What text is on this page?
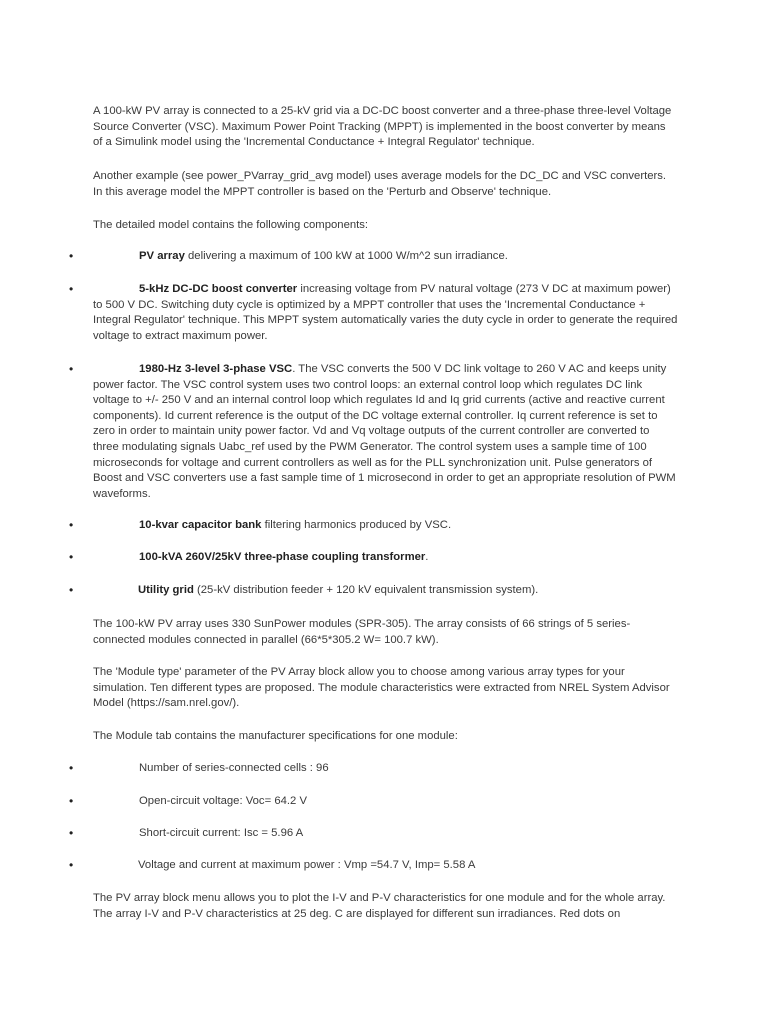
A 100-kW PV array is connected to a 25-kV grid via a DC-DC boost converter and a three-phase three-level Voltage Source Converter (VSC). Maximum Power Point Tracking (MPPT) is implemented in the boost converter by means of a Simulink model using the 'Incremental Conductance + Integral Regulator' technique.

Another example (see power_PVarray_grid_avg model) uses average models for the DC_DC and VSC converters. In this average model the MPPT controller is based on the 'Perturb and Observe' technique.

The detailed model contains the following components:

•	PV array delivering a maximum of 100 kW at 1000 W/m^2 sun irradiance.

•	5-kHz DC-DC boost converter increasing voltage from PV natural voltage (273 V DC at maximum power) to 500 V DC. Switching duty cycle is optimized by a MPPT controller that uses the 'Incremental Conductance + Integral Regulator' technique. This MPPT system automatically varies the duty cycle in order to generate the required voltage to extract maximum power.

•	1980-Hz 3-level 3-phase VSC. The VSC converts the 500 V DC link voltage to 260 V AC and keeps unity power factor. The VSC control system uses two control loops: an external control loop which regulates DC link voltage to +/- 250 V and an internal control loop which regulates Id and Iq grid currents (active and reactive current components). Id current reference is the output of the DC voltage external controller. Iq current reference is set to zero in order to maintain unity power factor. Vd and Vq voltage outputs of the current controller are converted to three modulating signals Uabc_ref used by the PWM Generator. The control system uses a sample time of 100 microseconds for voltage and current controllers as well as for the PLL synchronization unit. Pulse generators of Boost and VSC converters use a fast sample time of 1 microsecond in order to get an appropriate resolution of PWM waveforms.

•	10-kvar capacitor bank filtering harmonics produced by VSC.

•	100-kVA 260V/25kV three-phase coupling transformer.

•	Utility grid (25-kV distribution feeder + 120 kV equivalent transmission system).

The 100-kW PV array uses 330 SunPower modules (SPR-305). The array consists of 66 strings of 5 series-connected modules connected in parallel (66*5*305.2 W= 100.7 kW).

The 'Module type' parameter of the PV Array block allow you to choose among various array types for your simulation. Ten different types are proposed. The module characteristics were extracted from NREL System Advisor Model (https://sam.nrel.gov/).

The Module tab contains the manufacturer specifications for one module:

•	Number of series-connected cells : 96

•	Open-circuit voltage: Voc= 64.2 V

•	Short-circuit current: Isc = 5.96 A

•	Voltage and current at maximum power : Vmp =54.7 V, Imp= 5.58 A

The PV array block menu allows you to plot the I-V and P-V characteristics for one module and for the whole array. The array I-V and P-V characteristics at 25 deg. C are displayed for different sun irradiances. Red dots on
